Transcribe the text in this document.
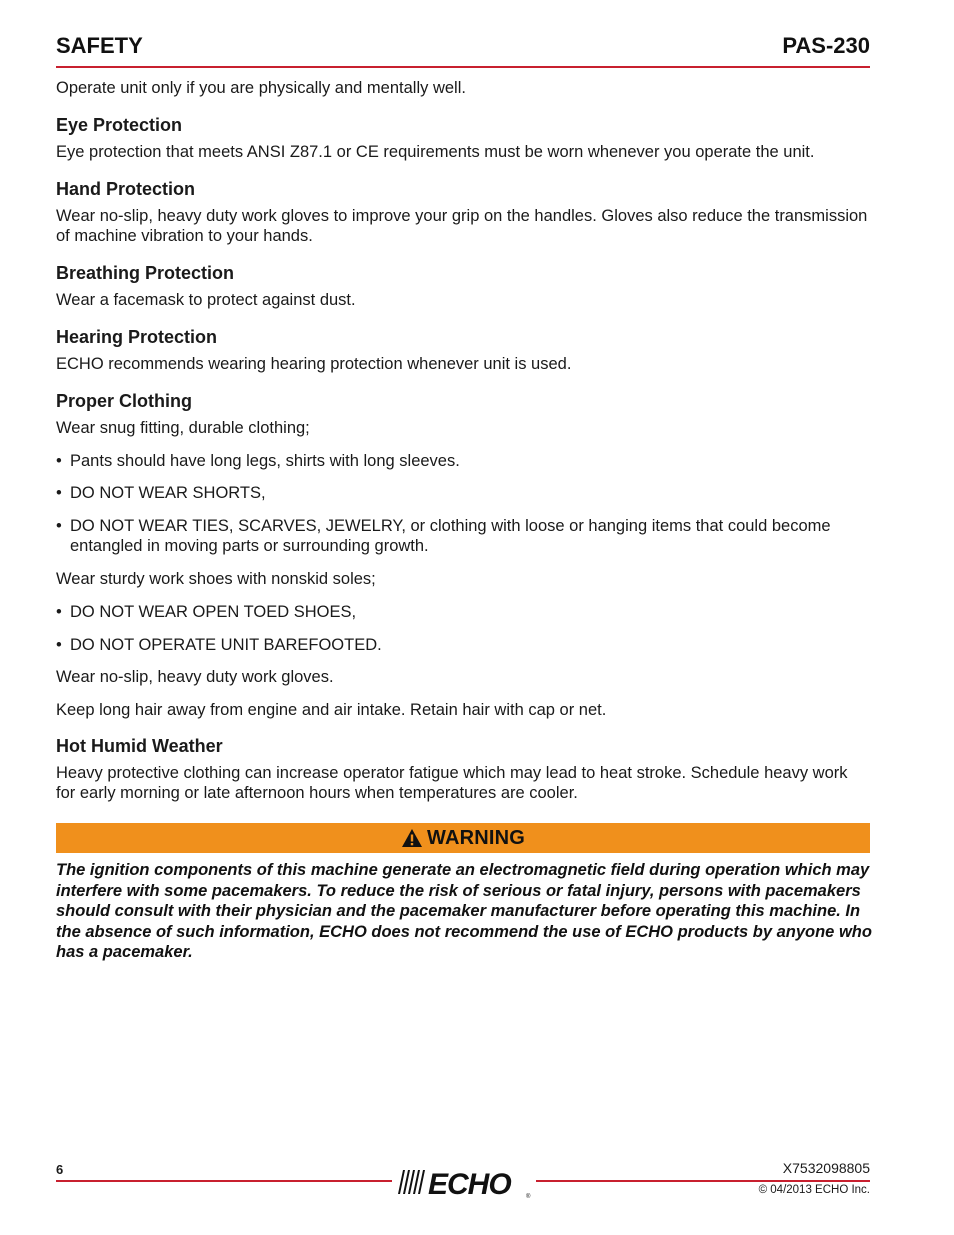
SAFETY	PAS-230

Operate unit only if you are physically and mentally well.

Eye Protection

Eye protection that meets ANSI Z87.1 or CE requirements must be worn whenever you operate the unit.

Hand Protection

Wear no-slip, heavy duty work gloves to improve your grip on the handles. Gloves also reduce the transmission of machine vibration to your hands.

Breathing Protection

Wear a facemask to protect against dust.

Hearing Protection

ECHO recommends wearing hearing protection whenever unit is used.

Proper Clothing

Wear snug fitting, durable clothing;

• Pants should have long legs, shirts with long sleeves.
• DO NOT WEAR SHORTS,
• DO NOT WEAR TIES, SCARVES, JEWELRY, or clothing with loose or hanging items that could become entangled in moving parts or surrounding growth.

Wear sturdy work shoes with nonskid soles;

• DO NOT WEAR OPEN TOED SHOES,
• DO NOT OPERATE UNIT BAREFOOTED.

Wear no-slip, heavy duty work gloves.

Keep long hair away from engine and air intake. Retain hair with cap or net.

Hot Humid Weather

Heavy protective clothing can increase operator fatigue which may lead to heat stroke. Schedule heavy work for early morning or late afternoon hours when temperatures are cooler.

WARNING
The ignition components of this machine generate an electromagnetic field during operation which may interfere with some pacemakers. To reduce the risk of serious or fatal injury, persons with pacemakers should consult with their physician and the pacemaker manufacturer before operating this machine. In the absence of such information, ECHO does not recommend the use of ECHO products by anyone who has a pacemaker.
6	X7532098805
ECHO	®
© 04/2013 ECHO Inc.
